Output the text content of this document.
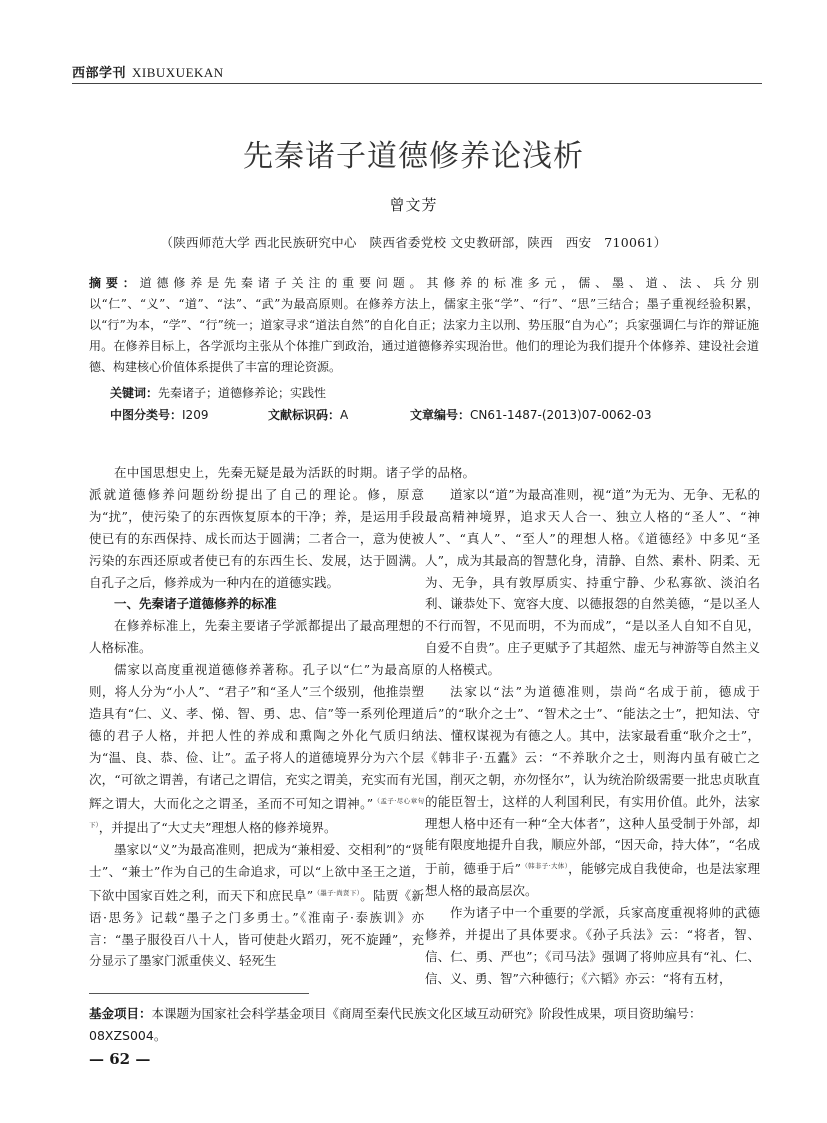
西部学刊 XIBUXUEKAN
先秦诸子道德修养论浅析
曾文芳
（陕西师范大学 西北民族研究中心　陕西省委党校 文史教研部，陕西　西安　710061）
摘要：道德修养是先秦诸子关注的重要问题。其修养的标准多元，儒、墨、道、法、兵分别以“仁”、“义”、“道”、“法”、“武”为最高原则。在修养方法上，儒家主张“学”、“行”、“思”三结合；墨子重视经验积累，以“行”为本，“学”、“行”统一；道家寻求“道法自然”的自化自正；法家力主以刑、势压服“自为心”；兵家强调仁与诈的辩证施用。在修养目标上，各学派均主张从个体推广到政治，通过道德修养实现治世。他们的理论为我们提升个体修养、建设社会道德、构建核心价值体系提供了丰富的理论资源。
关键词：先秦诸子；道德修养论；实践性
中图分类号：I209	文献标识码：A	文章编号：CN61-1487-(2013)07-0062-03

在中国思想史上，先秦无疑是最为活跃的时期。诸子学派就道德修养问题纷纷提出了自己的理论。修，原意为“扰”，使污染了的东西恢复原本的干净；养，是运用手段使已有的东西保持、成长而达于圆满；二者合一，意为使被污染的东西还原或者使已有的东西生长、发展，达于圆满。自孔子之后，修养成为一种内在的道德实践。

一、先秦诸子道德修养的标准

在修养标准上，先秦主要诸子学派都提出了最高理想的人格标准。

儒家以高度重视道德修养著称。孔子以“仁”为最高原则，将人分为“小人”、“君子”和“圣人”三个级别，他推崇塑造具有“仁、义、孝、悌、智、勇、忠、信”等一系列伦理道德的君子人格，并把人性的养成和熏陶之外化气质归纳为“温、良、恭、俭、让”。孟子将人的道德境界分为六个层次，“可欲之谓善，有诸己之谓信，充实之谓美，充实而有光辉之谓大，大而化之之谓圣，圣而不可知之谓神。”$^{(孟子\cdot 尽心章句下)}$，并提出了“大丈夫”理想人格的修养境界。

墨家以“义”为最高准则，把成为“兼相爱、交相利”的“贤士”、“兼士”作为自己的生命追求，可以“上欲中圣王之道，下欲中国家百姓之利，而天下和庶民阜”$^{(墨子\cdot 尚贤下)}$。陆贾《新语·思务》记载“墨子之门多勇士。”《淮南子·泰族训》亦言：“墨子服役百八十人，皆可使赴火蹈刃，死不旋踵”，充分显示了墨家门派重侠义、轻死生

的品格。

道家以“道”为最高准则，视“道”为无为、无争、无私的最高精神境界，追求天人合一、独立人格的“圣人”、“神人”、“真人”、“至人”的理想人格。《道德经》中多见“圣人”，成为其最高的智慧化身，清静、自然、素朴、阴柔、无为、无争，具有敦厚质实、持重宁静、少私寡欲、淡泊名利、谦恭处下、宽容大度、以德报怨的自然美德，“是以圣人不行而智，不见而明，不为而成”，“是以圣人自知不自见，自爱不自贵”。庄子更赋予了其超然、虚无与神游等自然主义的人格模式。

法家以“法”为道德准则，崇尚“名成于前，德成于后”的“耿介之士”、“智术之士”、“能法之士”，把知法、守法、懂权谋视为有德之人。其中，法家最看重“耿介之士”，《韩非子·五蠹》云：“不养耿介之士，则海内虽有破亡之国，削灭之朝，亦勿怪尔”，认为统治阶级需要一批忠贞耿直的能臣智士，这样的人利国利民，有实用价值。此外，法家理想人格中还有一种“全大体者”，这种人虽受制于外部，却能有限度地提升自我，顺应外部，“因天命，持大体”，“名成于前，德垂于后”$^{(韩非子\cdot 大体)}$，能够完成自我使命，也是法家理想人格的最高层次。

作为诸子中一个重要的学派，兵家高度重视将帅的武德修养，并提出了具体要求。《孙子兵法》云：“将者，智、信、仁、勇、严也”；《司马法》强调了将帅应具有“礼、仁、信、义、勇、智”六种德行；《六韬》亦云：“将有五材，

基金项目：本课题为国家社会科学基金项目《商周至秦代民族文化区域互动研究》阶段性成果，项目资助编号：08XZS004。
— 62 —
